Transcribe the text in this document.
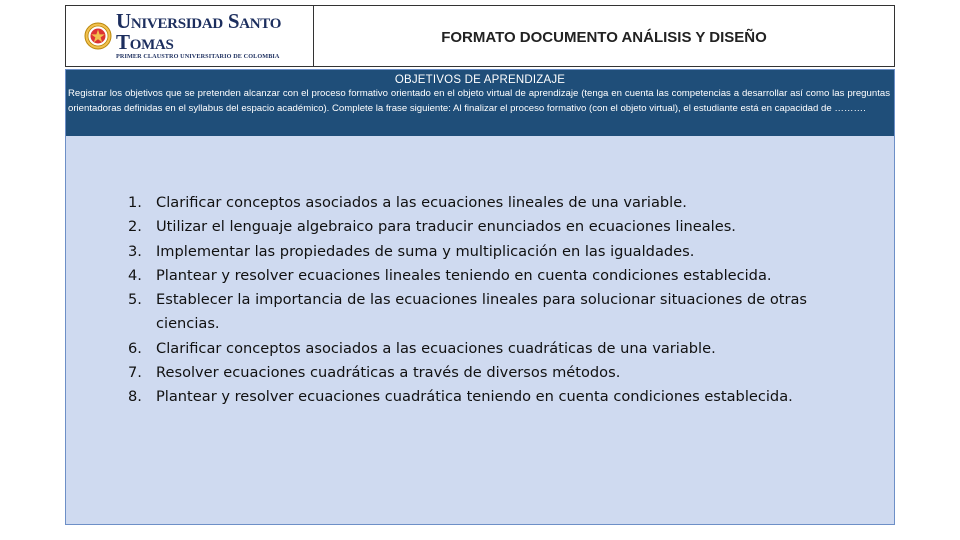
Universidad Santo Tomas
PRIMER CLAUSTRO UNIVERSITARIO DE COLOMBIA
FORMATO DOCUMENTO ANÁLISIS Y DISEÑO
OBJETIVOS DE APRENDIZAJE
Registrar los objetivos que se pretenden alcanzar con el proceso formativo orientado en el objeto virtual de aprendizaje (tenga en cuenta las competencias a desarrollar así como las preguntas orientadoras definidas en el syllabus del espacio académico). Complete la frase siguiente: Al finalizar el proceso formativo (con el objeto virtual), el estudiante está en capacidad de ……….
1. Clarificar conceptos asociados a las ecuaciones lineales de una variable.
2. Utilizar el lenguaje algebraico para traducir enunciados en ecuaciones lineales.
3. Implementar las propiedades de suma y multiplicación en las igualdades.
4. Plantear y resolver ecuaciones lineales teniendo en cuenta condiciones establecida.
5. Establecer la importancia de las ecuaciones lineales para solucionar situaciones de otras ciencias.
6. Clarificar conceptos asociados a las ecuaciones cuadráticas de una variable.
7. Resolver ecuaciones cuadráticas a través de diversos métodos.
8. Plantear y resolver ecuaciones cuadrática teniendo en cuenta condiciones establecida.
